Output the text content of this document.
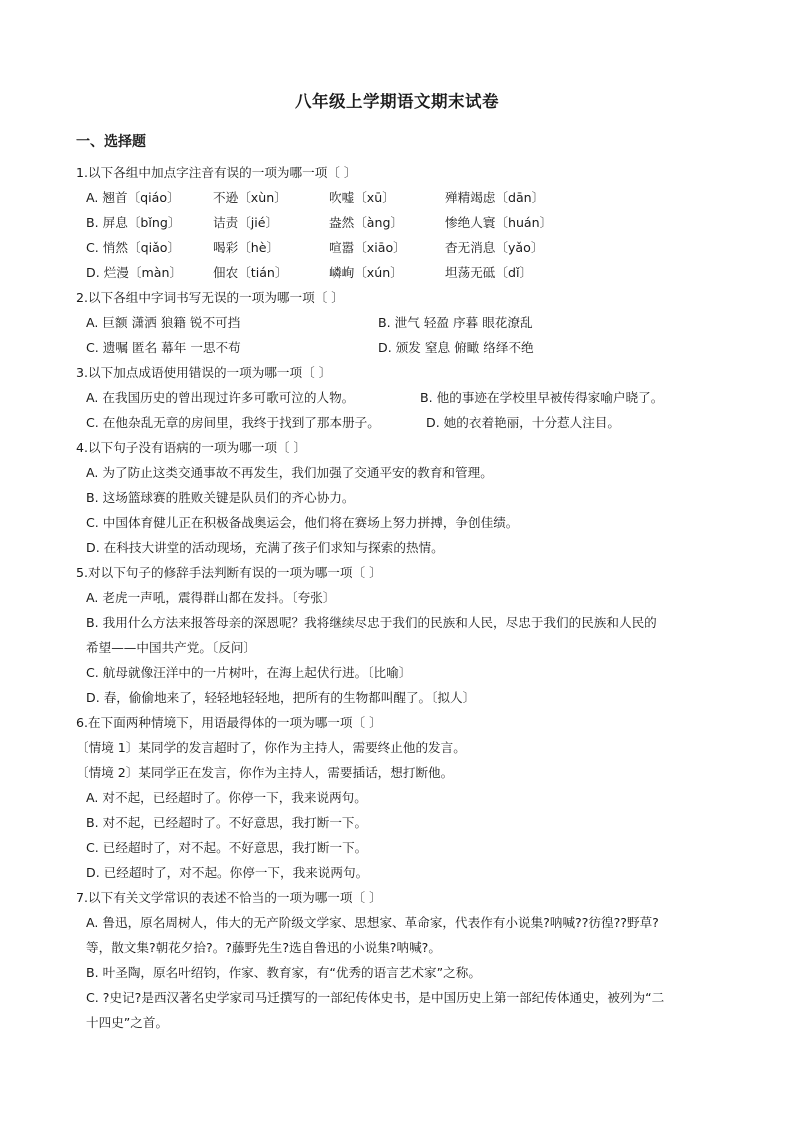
八年级上学期语文期末试卷
一、选择题
1.以下各组中加点字注音有误的一项为哪一项〔 〕
A. 翘首〔qiáo〕	不逊〔xùn〕	吹嘘〔xū〕	殚精竭虑〔dān〕
B. 屏息〔bǐng〕	诘责〔jié〕	盎然〔àng〕	惨绝人寰〔huán〕
C. 悄然〔qiǎo〕	喝彩〔hè〕	喧嚣〔xiāo〕	杳无消息〔yǎo〕
D. 烂漫〔màn〕 佃农〔tián〕	嶙峋〔xún〕	坦荡无砥〔dǐ〕
2.以下各组中字词书写无误的一项为哪一项〔 〕
A. 巨额 潇洒 狼籍 锐不可挡	B. 泄气 轻盈 序暮 眼花潦乱
C. 遗嘱 匿名 幕年 一思不苟	D. 颁发 窒息 俯瞰 络绎不绝
3.以下加点成语使用错误的一项为哪一项〔 〕
A. 在我国历史的曾出现过许多可歌可泣的人物。	B. 他的事迹在学校里早被传得家喻户晓了。
C. 在他杂乱无章的房间里，我终于找到了那本册子。	D. 她的衣着艳丽，十分惹人注目。
4.以下句子没有语病的一项为哪一项〔 〕
A. 为了防止这类交通事故不再发生，我们加强了交通平安的教育和管理。
B. 这场篮球赛的胜败关键是队员们的齐心协力。
C. 中国体育健儿正在积极备战奥运会，他们将在赛场上努力拼搏，争创佳绩。
D. 在科技大讲堂的活动现场，充满了孩子们求知与探索的热情。
5.对以下句子的修辞手法判断有误的一项为哪一项〔 〕
A. 老虎一声吼，震得群山都在发抖。〔夸张〕
B. 我用什么方法来报答母亲的深恩呢？我将继续尽忠于我们的民族和人民，尽忠于我们的民族和人民的
希望——中国共产党。〔反问〕
C. 航母就像汪洋中的一片树叶，在海上起伏行进。〔比喻〕
D. 春，偷偷地来了，轻轻地轻轻地，把所有的生物都叫醒了。〔拟人〕
6.在下面两种情境下，用语最得体的一项为哪一项〔 〕
〔情境 1〕某同学的发言超时了，你作为主持人，需要终止他的发言。
〔情境 2〕某同学正在发言，你作为主持人，需要插话，想打断他。
A. 对不起，已经超时了。你停一下，我来说两句。
B. 对不起，已经超时了。不好意思，我打断一下。
C. 已经超时了，对不起。不好意思，我打断一下。
D. 已经超时了，对不起。你停一下，我来说两句。
7.以下有关文学常识的表述不恰当的一项为哪一项〔 〕
A. 鲁迅，原名周树人，伟大的无产阶级文学家、思想家、革命家，代表作有小说集?呐喊??彷徨??野草?
等，散文集?朝花夕拾?。?藤野先生?选自鲁迅的小说集?呐喊?。
B. 叶圣陶，原名叶绍钧，作家、教育家，有“优秀的语言艺术家”之称。
C. ?史记?是西汉著名史学家司马迁撰写的一部纪传体史书，是中国历史上第一部纪传体通史，被列为“二
十四史”之首。
